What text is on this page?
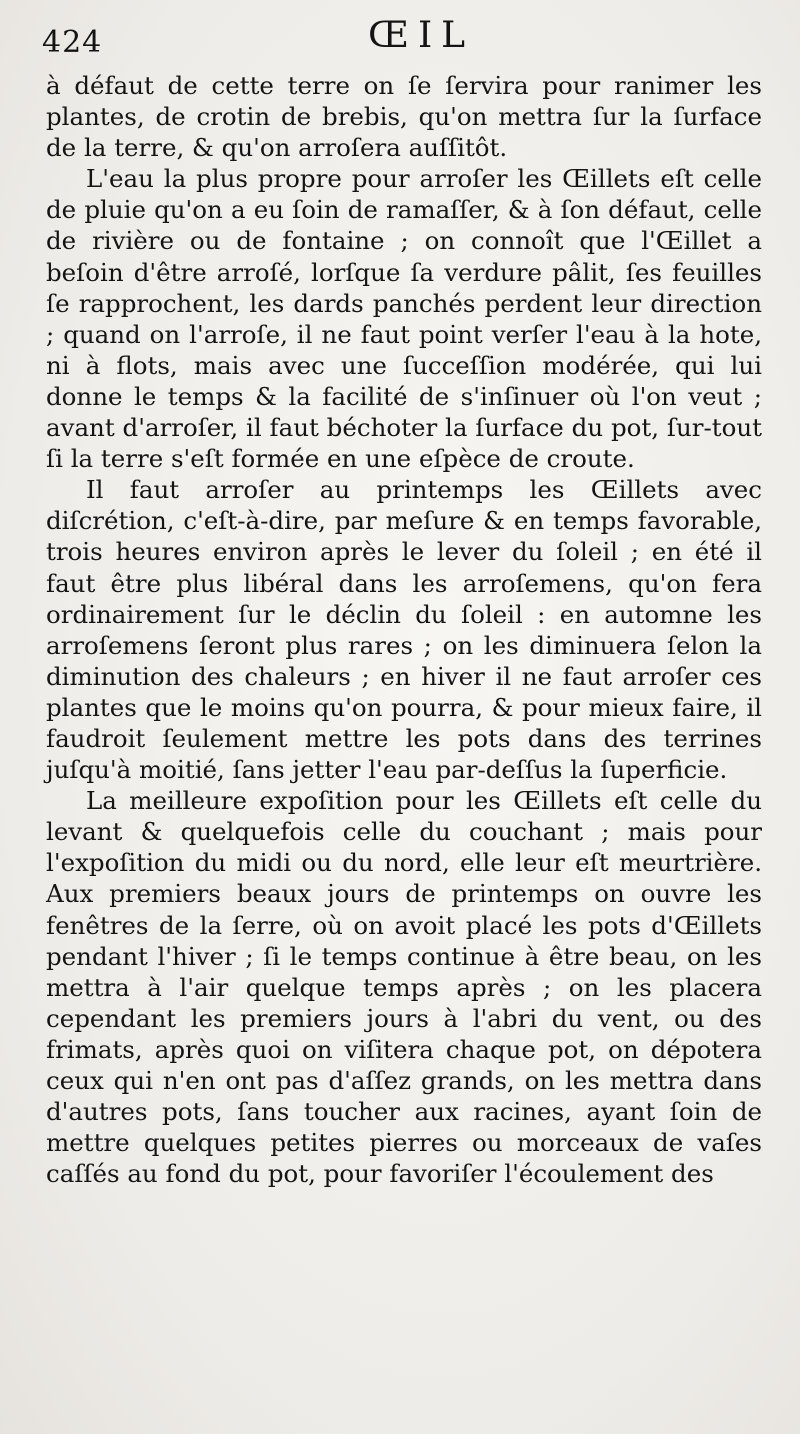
424	ŒIL

à défaut de cette terre on ſe ſervira pour ranimer les plantes, de crotin de brebis, qu'on mettra ſur la ſurface de la terre, & qu'on arroſera auſſitôt.

L'eau la plus propre pour arroſer les Œillets eſt celle de pluie qu'on a eu ſoin de ramaſſer, & à ſon défaut, celle de rivière ou de fontaine ; on connoît que l'Œillet a beſoin d'être arroſé, lorſque ſa verdure pâlit, ſes feuilles ſe rapprochent, les dards panchés perdent leur direction ; quand on l'arroſe, il ne faut point verſer l'eau à la hote, ni à flots, mais avec une ſucceſſion modérée, qui lui donne le temps & la facilité de s'inſinuer où l'on veut ; avant d'arroſer, il faut béchoter la ſurface du pot, ſur-tout ſi la terre s'eſt formée en une eſpèce de croute.

Il faut arroſer au printemps les Œillets avec diſcrétion, c'eſt-à-dire, par meſure & en temps favorable, trois heures environ après le lever du ſoleil ; en été il faut être plus libéral dans les arroſemens, qu'on fera ordinairement ſur le déclin du ſoleil : en automne les arroſemens ſeront plus rares ; on les diminuera ſelon la diminution des chaleurs ; en hiver il ne faut arroſer ces plantes que le moins qu'on pourra, & pour mieux faire, il faudroit ſeulement mettre les pots dans des terrines juſqu'à moitié, ſans jetter l'eau par-deſſus la ſuperficie.

La meilleure expoſition pour les Œillets eſt celle du levant & quelquefois celle du couchant ; mais pour l'expoſition du midi ou du nord, elle leur eſt meurtrière. Aux premiers beaux jours de printemps on ouvre les fenêtres de la ſerre, où on avoit placé les pots d'Œillets pendant l'hiver ; ſi le temps continue à être beau, on les mettra à l'air quelque temps après ; on les placera cependant les premiers jours à l'abri du vent, ou des frimats, après quoi on viſitera chaque pot, on dépotera ceux qui n'en ont pas d'aſſez grands, on les mettra dans d'autres pots, ſans toucher aux racines, ayant ſoin de mettre quelques petites pierres ou morceaux de vaſes caſſés au fond du pot, pour favoriſer l'écoulement des
